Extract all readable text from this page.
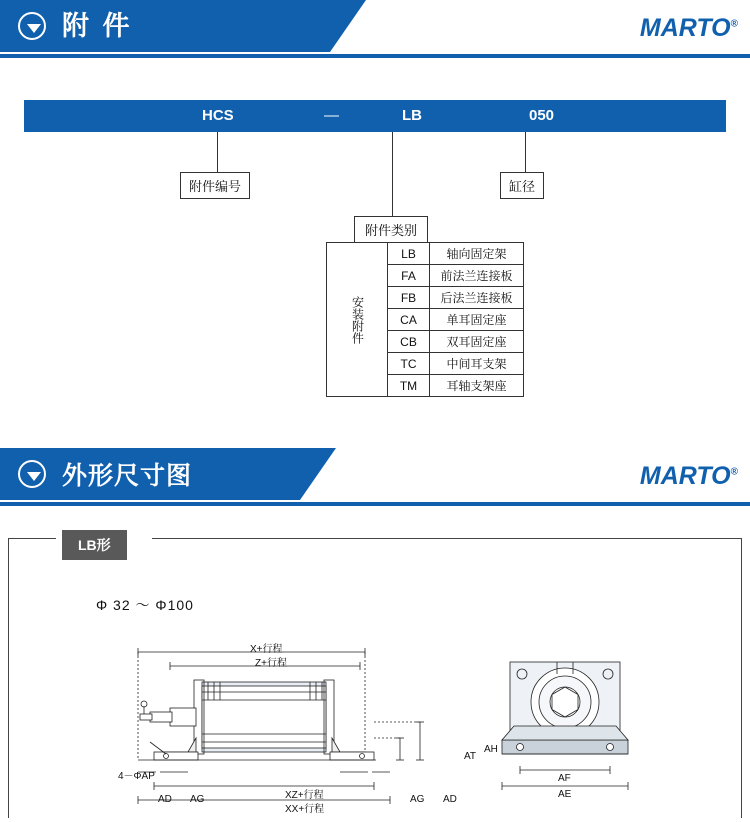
附 件	MARTO®
HCS	—	LB	050
附件编号	缸径
附件类别
安装附件	LB	轴向固定架
	FA	前法兰连接板
	FB	后法兰连接板
	CA	单耳固定座
	CB	双耳固定座
	TC	中间耳支架
	TM	耳轴支架座
外形尺寸图	MARTO®
LB形
Φ 32 ～ Φ100
X+行程
Z+行程
XZ+行程
XX+行程
4－ΦAP
AD AG	AG AD
AT
AH
AF
AE
